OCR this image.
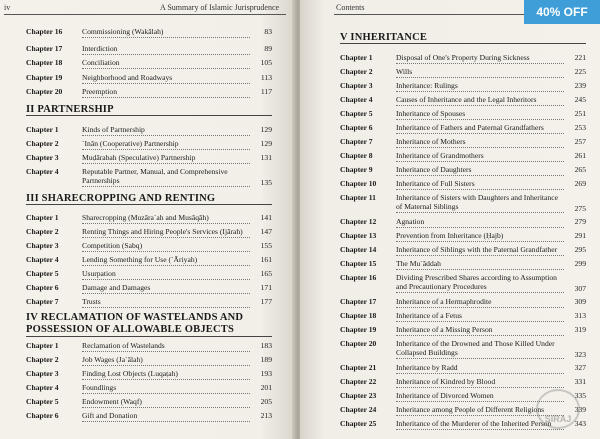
iv	A Summary of Islamic Jurisprudence
Chapter 16	Commissioning (Wakālah)	83
Chapter 17	Interdiction	89
Chapter 18	Conciliation	105
Chapter 19	Neighborhood and Roadways	113
Chapter 20	Preemption	117
II PARTNERSHIP
Chapter 1	Kinds of Partnership	129
Chapter 2	`Inān (Cooperative) Partnership	129
Chapter 3	Muḍārabah (Speculative) Partnership	131
Chapter 4	Reputable Partner, Manual, and Comprehensive Partnerships	135
III SHARECROPPING AND RENTING
Chapter 1	Sharecropping (Muzāra`ah and Musāqāh)	141
Chapter 2	Renting Things and Hiring People's Services (Ijārah)	147
Chapter 3	Competition (Sabq)	155
Chapter 4	Lending Something for Use (`Āriyah)	161
Chapter 5	Usurpation	165
Chapter 6	Damage and Damages	171
Chapter 7	Trusts	177
IV RECLAMATION OF WASTELANDS AND
POSSESSION OF ALLOWABLE OBJECTS
Chapter 1	Reclamation of Wastelands	183
Chapter 2	Job Wages (Ja`ālah)	189
Chapter 3	Finding Lost Objects (Luqaṭah)	193
Chapter 4	Foundlings	201
Chapter 5	Endowment (Waqf)	205
Chapter 6	Gift and Donation	213
Contents
V INHERITANCE
Chapter 1	Disposal of One's Property During Sickness	221
Chapter 2	Wills	225
Chapter 3	Inheritance: Rulings	239
Chapter 4	Causes of Inheritance and the Legal Inheritors	245
Chapter 5	Inheritance of Spouses	251
Chapter 6	Inheritance of Fathers and Paternal Grandfathers	253
Chapter 7	Inheritance of Mothers	257
Chapter 8	Inheritance of Grandmothers	261
Chapter 9	Inheritance of Daughters	265
Chapter 10	Inheritance of Full Sisters	269
Chapter 11	Inheritance of Sisters with Daughters and Inheritance of Maternal Siblings	275
Chapter 12	Agnation	279
Chapter 13	Prevention from Inheritance (Ḥajb)	291
Chapter 14	Inheritance of Siblings with the Paternal Grandfather	295
Chapter 15	The Mu`āddah	299
Chapter 16	Dividing Prescribed Shares according to Assumption and Precautionary Procedures	307
Chapter 17	Inheritance of a Hermaphrodite	309
Chapter 18	Inheritance of a Fetus	313
Chapter 19	Inheritance of a Missing Person	319
Chapter 20	Inheritance of the Drowned and Those Killed Under Collapsed Buildings	323
Chapter 21	Inheritance by Radd	327
Chapter 22	Inheritance of Kindred by Blood	331
Chapter 23	Inheritance of Divorced Women	335
Chapter 24	Inheritance among People of Different Religions	339
Chapter 25	Inheritance of the Murderer of the Inherited Person	343
SIRAJ
40% OFF
